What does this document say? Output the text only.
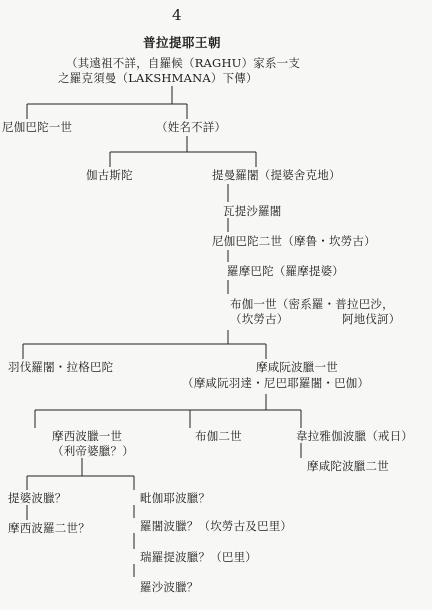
4
普拉提耶王朝
（其遠祖不詳，自羅候（RAGHU）家系一支
之羅克須曼（LAKSHMANA）下傳）
尼伽巴陀一世	（姓名不詳）
伽古斯陀	提曼羅闍（提婆舍克地）
瓦提沙羅闍
尼伽巴陀二世（摩鲁・坎勞古）
羅摩巴陀（羅摩提婆）
布伽一世（密系羅・普拉巴沙，
（坎勞古）	阿地伐訶）
羽伐羅闍・拉格巴陀	摩咸阮波臘一世
（摩咸阮羽達・尼巴耶羅闍・巴伽）
摩西波臘一世
（利帝婆臘？）
布伽二世	韋拉雅伽波臘（戒日）
摩咸陀波臘二世
提婆波臘？
摩西波羅二世？
毗伽耶波臘？
羅闍波臘？（坎勞古及巴里）
瑞羅提波臘？（巴里）
羅沙波臘？
